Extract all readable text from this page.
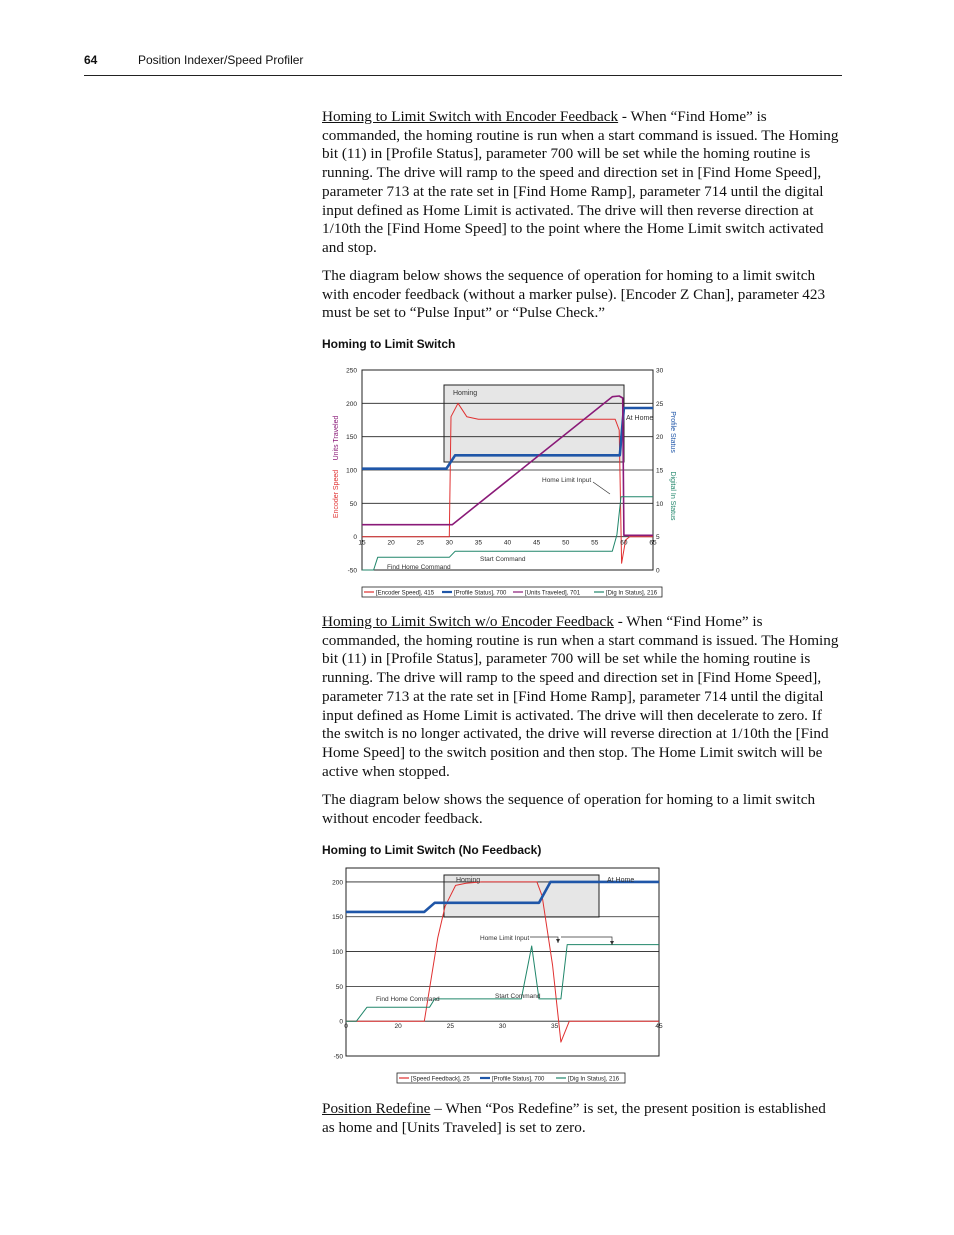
64	Position Indexer/Speed Profiler

Homing to Limit Switch with Encoder Feedback - When “Find Home” is commanded, the homing routine is run when a start command is issued. The Homing bit (11) in [Profile Status], parameter 700 will be set while the homing routine is running. The drive will ramp to the speed and direction set in [Find Home Speed], parameter 713 at the rate set in [Find Home Ramp], parameter 714 until the digital input defined as Home Limit is activated. The drive will then reverse direction at 1/10th the [Find Home Speed] to the point where the Home Limit switch activated and stop.

The diagram below shows the sequence of operation for homing to a limit switch with encoder feedback (without a marker pulse). [Encoder Z Chan], parameter 423 must be set to “Pulse Input” or “Pulse Check.”

Homing to Limit Switch
250
200
150
100
50
0
-50
30
25
20
15
10
5
0
15	20	25	30	35	40	45	50	55	60	65
Homing
At Home
Home Limit Input
Start Command
Find Home Command
Units Traveled
Encoder Speed
Profile Status
Digital In Status
[Encoder Speed], 415	[Profile Status], 700	[Units Traveled], 701	[Dig In Status], 216

Homing to Limit Switch w/o Encoder Feedback - When “Find Home” is commanded, the homing routine is run when a start command is issued. The Homing bit (11) in [Profile Status], parameter 700 will be set while the homing routine is running. The drive will ramp to the speed and direction set in [Find Home Speed], parameter 713 at the rate set in [Find Home Ramp], parameter 714 until the digital input defined as Home Limit is activated. The drive will then decelerate to zero. If the switch is no longer activated, the drive will reverse direction at 1/10th the [Find Home Speed] to the switch position and then stop. The Home Limit switch will be active when stopped.

The diagram below shows the sequence of operation for homing to a limit switch without encoder feedback.

Homing to Limit Switch (No Feedback)
200
150
100
50
0
-50
0	20	25	30	35	45
Homing	At Home
Home Limit Input
Start Command
Find Home Command
[Speed Feedback], 25	[Profile Status], 700	[Dig In Status], 216

Position Redefine – When “Pos Redefine” is set, the present position is established as home and [Units Traveled] is set to zero.
